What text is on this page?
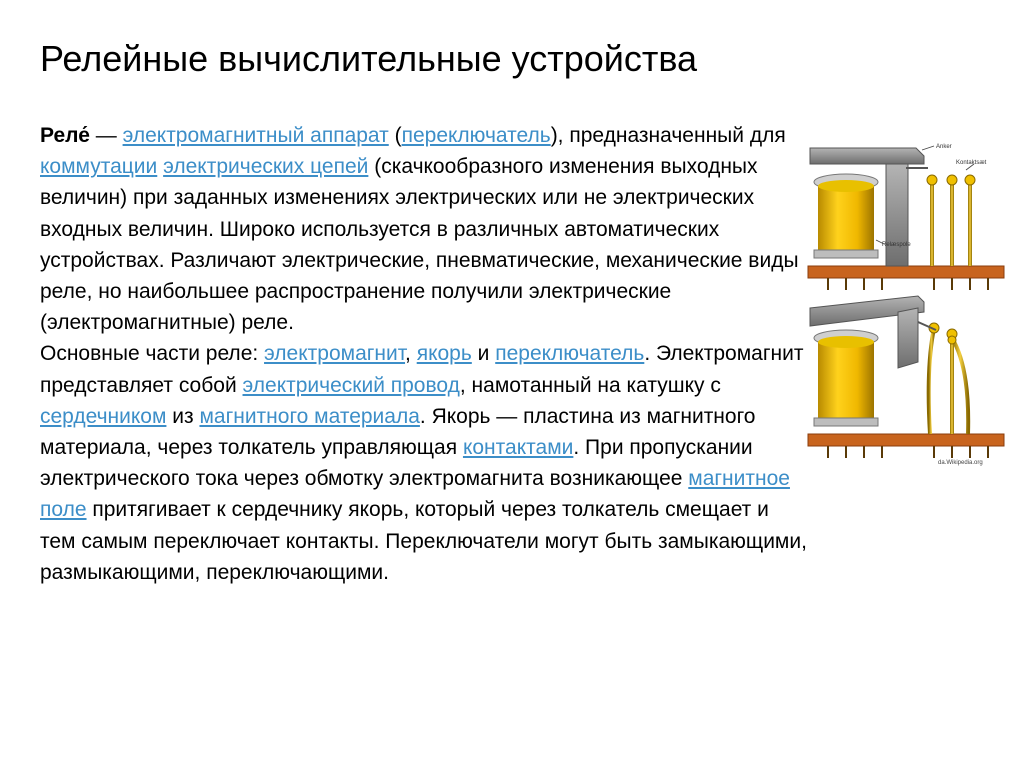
Релейные вычислительные устройства

Реле́ — электромагнитный аппарат (переключатель), предназначенный для коммутации электрических цепей (скачкообразного изменения выходных величин) при заданных изменениях электрических или не электрических входных величин. Широко используется в различных автоматических устройствах. Различают электрические, пневматические, механические виды реле, но наибольшее распространение получили электрические (электромагнитные) реле.

Основные части реле: электромагнит, якорь и переключатель. Электромагнит представляет собой электрический провод, намотанный на катушку с сердечником из магнитного материала. Якорь — пластина из магнитного материала, через толкатель управляющая контактами. При пропускании электрического тока через обмотку электромагнита возникающее магнитное поле притягивает к сердечнику якорь, который через толкатель смещает и тем самым переключает контакты. Переключатели могут быть замыкающими, размыкающими, переключающими.

Anker
Kontaktsæt
Relæspole
da.Wikipedia.org
